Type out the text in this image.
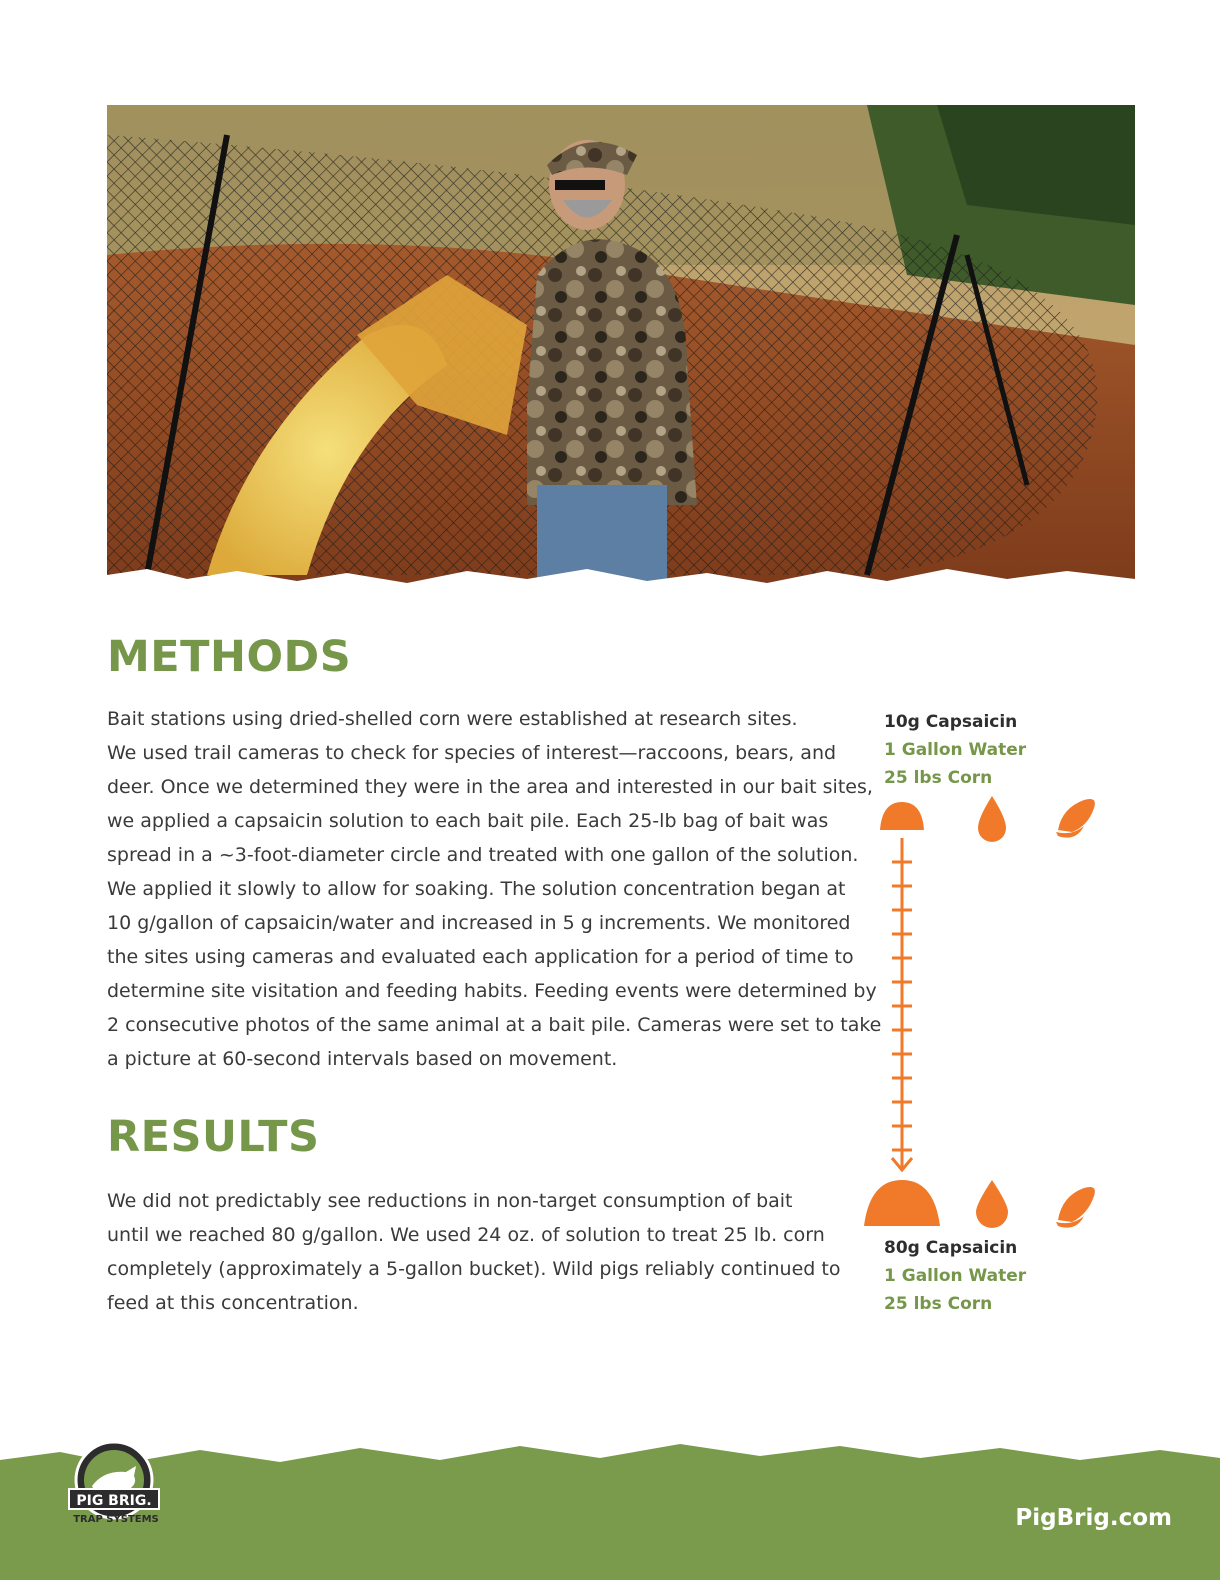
METHODS

Bait stations using dried-shelled corn were established at research sites.
We used trail cameras to check for species of interest—raccoons, bears, and
deer. Once we determined they were in the area and interested in our bait sites,
we applied a capsaicin solution to each bait pile. Each 25-lb bag of bait was
spread in a ~3-foot-diameter circle and treated with one gallon of the solution.
We applied it slowly to allow for soaking. The solution concentration began at
10 g/gallon of capsaicin/water and increased in 5 g increments. We monitored
the sites using cameras and evaluated each application for a period of time to
determine site visitation and feeding habits. Feeding events were determined by
2 consecutive photos of the same animal at a bait pile. Cameras were set to take
a picture at 60-second intervals based on movement.

RESULTS

We did not predictably see reductions in non-target consumption of bait
until we reached 80 g/gallon. We used 24 oz. of solution to treat 25 lb. corn
completely (approximately a 5-gallon bucket). Wild pigs reliably continued to
feed at this concentration.

10g Capsaicin
1 Gallon Water
25 lbs Corn
80g Capsaicin
1 Gallon Water
25 lbs Corn
PIG BRIG.
TRAP SYSTEMS	PigBrig.com
